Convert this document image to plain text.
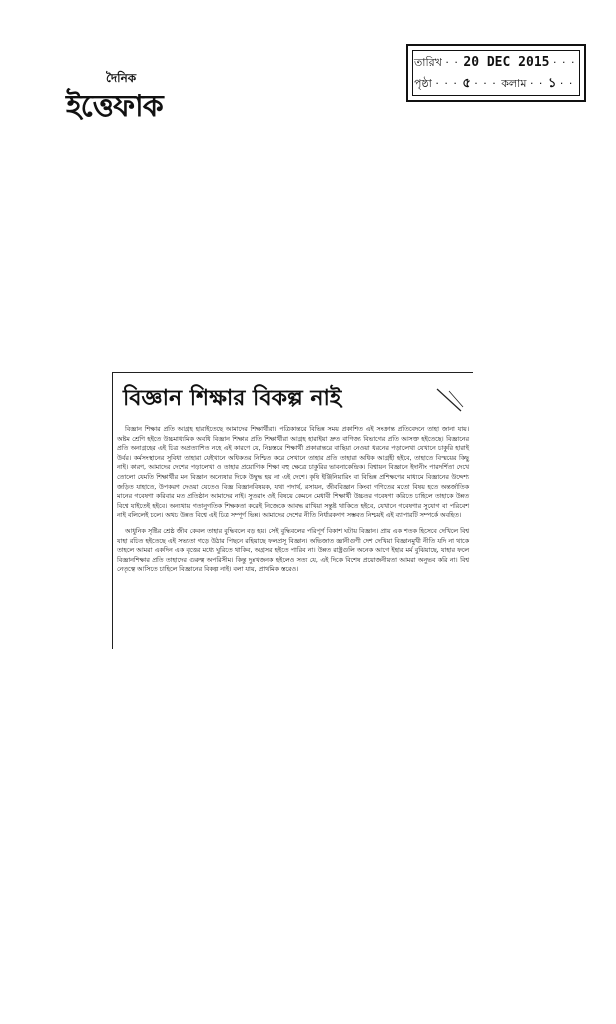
দৈনিক
ইত্তেফাক
তারিখ · · 20 DEC 2015 · · ·
পৃষ্ঠা · · · ৫ · · · কলাম · · ১ · ·
বিজ্ঞান শিক্ষার বিকল্প নাই

বিজ্ঞান শিক্ষার প্রতি আগ্রহ হারাইতেছে আমাদের শিক্ষার্থীরা। পত্রিকান্তরে বিভিন্ন সময় প্রকাশিত এই সংক্রান্ত প্রতিবেদনে তাহা জানা যায়। অষ্টম শ্রেণি হইতে উচ্চমাধ্যমিক অবধি বিজ্ঞান শিক্ষার প্রতি শিক্ষার্থীরা আগ্রহ হারাইয়া দ্রুত বাণিজ্য বিভাগের প্রতি আসক্ত হইতেছে। বিজ্ঞানের প্রতি অনাগ্রহের এই চিত্র অপ্রত্যাশিত নহে এই কারণে যে, নিম্নস্তরে শিক্ষার্থী প্রকারান্তরে বাছিয়া নেওয়া ধরনের পড়ালেখা যেখানে চাকুরি হারাই উর্বর। কর্মসংস্থানের সুবিধা তাহারা যেইখানে অধিকতর নিশ্চিত করে সেখানে তাহার প্রতি তাহারা অধিক আগ্রহী হইবে, তাহাতে বিস্ময়ের কিছু নাই। কারণ, আমাদের দেশের পড়ালেখা ও তাহার প্রয়োগিক শিক্ষা বহু ক্ষেত্রে চাকুরির ভাবনাকেন্দ্রিক। বিশ্বায়ন বিজ্ঞানে ইদানীং পারদর্শিতা দেখে তোলো যেমতি শিক্ষার্থীর মন বিজ্ঞান অন্যেষার দিকে উদ্বুদ্ধ হয় না এই দেশে। কৃষি ইঞ্জিনিয়ারিং বা বিভিন্ন প্রশিক্ষণের মাধ্যমে বিজ্ঞানের উদ্দেশ্য জড়িত যাহাতে, উপকরণ দেওয়া যেতেও বিজ্ঞ বিজ্ঞানবিষয়ক, যথা পদার্থ, রসায়ন, জীববিজ্ঞান কিংবা গণিতের মতো বিষয় হতে অন্তর্জাতিক মানের গবেষণা করিবার মত প্রতিষ্ঠান আমাদের নাই। সুতরাং ওই বিষয়ে কেমনে মেধাবী শিক্ষার্থী উচ্চতর গবেষণা করিতে চাহিলে তাহাকে উন্নত বিশ্বে যাইতেই হইবে। অন্যথায় গতানুগতিক শিক্ষকতা করেই নিজেকে আবদ্ধ রাখিয়া সন্তুষ্ট থাকিতে হইবে, যেখানে গবেষণার সুযোগ বা পরিবেশ নাই বলিলেই চলে। অথচ উন্নত বিশ্বে এই চিত্র সম্পূর্ণ ভিন্ন। আমাদের দেশের নীতি নির্ধারকগণ সম্ভবত নিশ্চয়ই এই ব্যাপারটি সম্পর্কে অবহিত।

আধুনিক সৃষ্টির শ্রেষ্ঠ জীব কেবল তাহার বুদ্ধিবলে বড় হয়। সেই বুদ্ধিবলের পরিপূর্ণ বিকাশ ঘটায় বিজ্ঞান। প্রায় এক শতক হিসেবে দেখিলে বিশ্ব যাহা রচিত হইতেছে এই সভ্যতা গড়ে উঠার পিছনে রহিয়াছে ফলপ্রসূ বিজ্ঞান। অভিজাত জ্ঞানীগুণী দেশ দেখিয়া বিজ্ঞানমুখী নীতি যদি না থাকে তাহলে আমরা একদিন এক বৃত্তের মধ্যে ঘুরিতে থাকিব, অগ্রসর হইতে পারিব না। উন্নত রাষ্ট্রগুলি অনেক আগে ইহার মর্ম বুঝিয়াছে, যাহার ফলে বিজ্ঞানশিক্ষার প্রতি তাহাদের গুরুত্ব অপরিসীম। কিন্তু দুঃখজনক হইলেও সত্য যে, এই দিকে বিশেষ প্রয়োজনীয়তা আমরা অনুভব করি না। বিশ্ব নেতৃত্বে আসিতে চাহিলে বিজ্ঞানের বিকল্প নাই। বলা যায়, প্রাথমিক স্তরেও।
